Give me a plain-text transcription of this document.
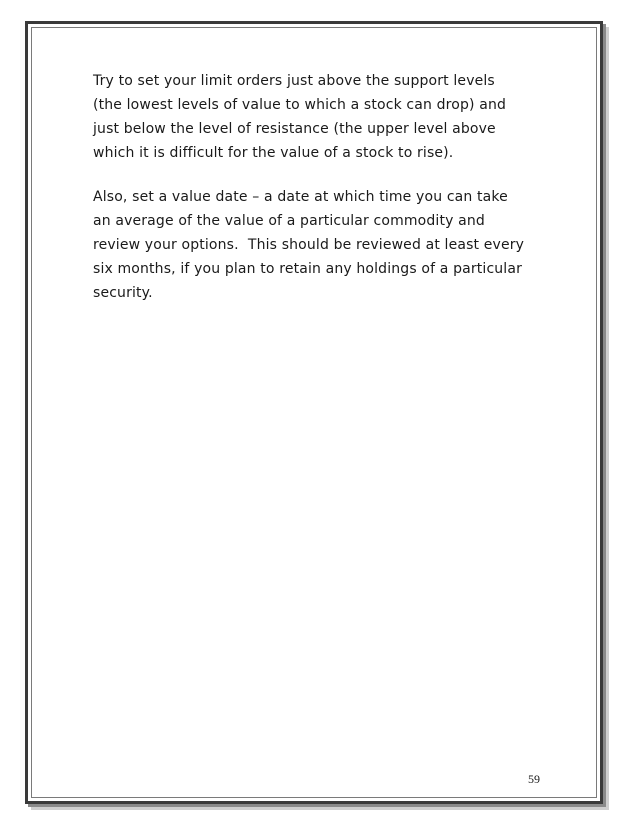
Try to set your limit orders just above the support levels
(the lowest levels of value to which a stock can drop) and
just below the level of resistance (the upper level above
which it is difficult for the value of a stock to rise).

Also, set a value date – a date at which time you can take
an average of the value of a particular commodity and
review your options.  This should be reviewed at least every
six months, if you plan to retain any holdings of a particular
security.

59
